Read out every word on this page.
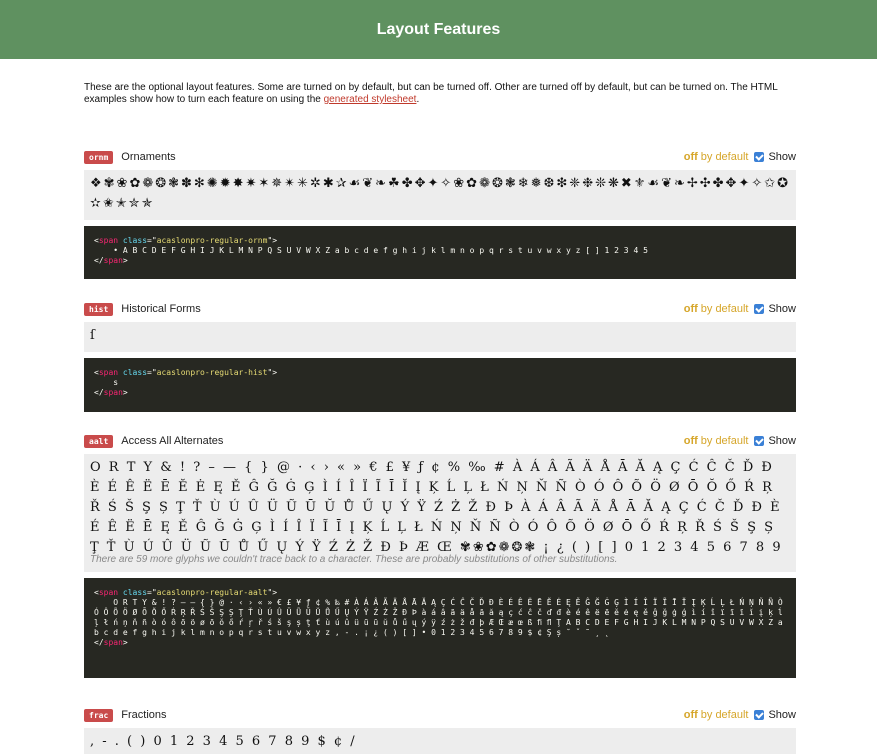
Layout Features
These are the optional layout features. Some are turned on by default, but can be turned off. Other are turned off by default, but can be turned on. The HTML examples show how to turn each feature on using the generated stylesheet.
ornm	Ornaments	off by default Show
❖✾❀✿❁❂❃✽✻✺✹✸✷✶✵✴✳✲✱✰☙❦❧☘✤✥✦✧❀✿❁❂❃❄❅❆❇❈❉❊❋✖⚜☙❦❧✢✣✤✥✦✧✩✪✫✬✭✮✯
<span class="acaslonpro-regular-ornm">
• A B C D E F G H I J K L M N P Q S U V W X Z a b c d e f g h i j k l m n o p q r s t u v w x y z [ ] 1 2 3 4 5
</span>
hist	Historical Forms	off by default Show
ſ
<span class="acaslonpro-regular-hist">
s
</span>
aalt	Access All Alternates	off by default Show
O R T Y & ! ? – — { } @ · ‹ › « » € £ ¥ ƒ ¢ % ‰ # À Á Â Ã Ä Å Ā Ă Ą Ç Ć Ĉ Č Ď Đ È É Ê Ë Ē Ĕ Ė Ę Ě Ĝ Ğ Ġ Ģ Ì Í Î Ï Ĩ Ī Ĭ Į Ķ Ĺ Ļ Ł Ń Ņ Ň Ñ Ò Ó Ô Õ Ö Ø Ō Ŏ Ő Ŕ Ŗ Ř Ś Š Ş Ș Ţ Ť Ù Ú Û Ü Ũ Ū Ŭ Ů Ű Ų Ý Ÿ Ź Ż Ž Đ Þ À Á Â Ã Ä Å Ā Ă Ą Ç Ć Č Ď Đ È É Ê Ë Ē Ę Ě Ĝ Ğ Ġ Ģ Ì Í Î Ï Ĩ Ī Į Ķ Ĺ Ļ Ł Ń Ņ Ň Ñ Ò Ó Ô Õ Ö Ø Ō Ő Ŕ Ŗ Ř Ś Š Ş Ș Ţ Ť Ù Ú Û Ü Ũ Ū Ů Ű Ų Ý Ÿ Ź Ż Ž Đ Þ Æ Œ ✾❀✿❁❂❃ ¡ ¿ ( ) [ ] 0 1 2 3 4 5 6 7 8 9
There are 59 more glyphs we couldn't trace back to a character. These are probably substitutions of other substitutions.
<span class="acaslonpro-regular-aalt">
O R T Y & ! ? – — { } @ · ‹ › « » € £ ¥ ƒ ¢ % ‰ # À Á Â Ã Ä Å Ā Ă Ą Ç Ć Ĉ Č Ď Đ È É Ê Ë Ē Ĕ Ė Ę Ě Ĝ Ğ Ġ Ģ Ì Í Î Ï Ĩ Ī Ĭ Į Ķ Ĺ Ļ Ł Ń Ņ Ň Ñ Ò Ó Ô Õ Ö Ø Ō Ŏ Ő Ŕ Ŗ Ř Ś Š Ş Ș Ţ Ť Ù Ú Û Ü Ũ Ū Ŭ Ů Ű Ų Ý Ÿ Ź Ż Ž Đ Þ à á â ã ä å ā ă ą ç ć ĉ č ď đ è é ê ë ē ĕ ė ę ě ĝ ğ ġ ģ ì í î ï ĩ ī ĭ į ķ ĺ ļ ł ń ņ ň ñ ò ó ô õ ö ø ō ŏ ő ŕ ŗ ř ś š ş ș ţ ť ù ú û ü ũ ū ŭ ů ű ų ý ÿ ź ż ž đ þ Æ Œ æ œ ß ﬁ ﬂ Ţ A B C D E F G H I J K L M N P Q S U V W X Z a b c d e f g h i j k l m n o p q r s t u v w x y z , - . ¡ ¿ ( ) [ ] • 0 1 2 3 4 5 6 7 8 9 $ ¢ Ş ș ˘ ˇ ˜ ¸ ˛
</span>
frac	Fractions	off by default Show
, - . ( ) 0 1 2 3 4 5 6 7 8 9 $ ¢ /
